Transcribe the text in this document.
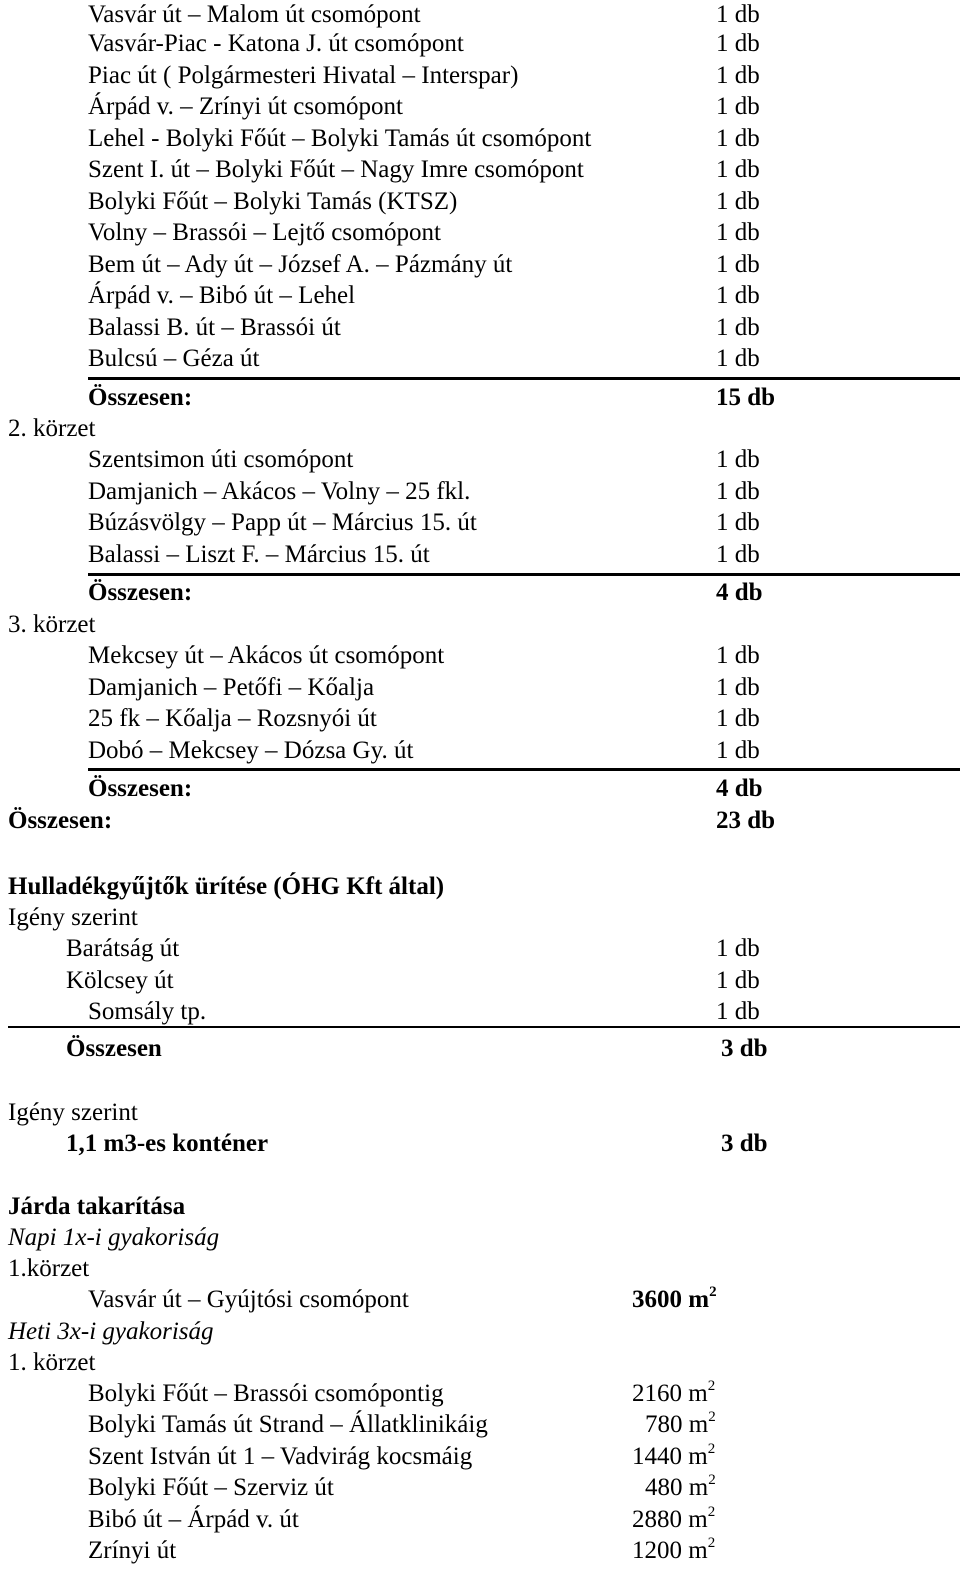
Vasvár út – Malom út csomópont	1 db
Vasvár-Piac - Katona J. út csomópont	1 db
Piac út ( Polgármesteri Hivatal – Interspar)	1 db
Árpád v. – Zrínyi út csomópont	1 db
Lehel - Bolyki Főút – Bolyki Tamás út csomópont	1 db
Szent I. út – Bolyki Főút – Nagy Imre csomópont	1 db
Bolyki Főút – Bolyki Tamás (KTSZ)	1 db
Volny – Brassói – Lejtő csomópont	1 db
Bem út – Ady út – József A. – Pázmány út	1 db
Árpád v. – Bibó út – Lehel	1 db
Balassi B. út – Brassói út	1 db
Bulcsú – Géza út	1 db
Összesen:	15 db
2. körzet
Szentsimon úti csomópont	1 db
Damjanich – Akácos – Volny – 25 fkl.	1 db
Búzásvölgy – Papp út – Március 15. út	1 db
Balassi – Liszt F. – Március 15. út	1 db
Összesen:	4 db
3. körzet
Mekcsey út – Akácos út csomópont	1 db
Damjanich – Petőfi – Kőalja	1 db
25 fk – Kőalja – Rozsnyói út	1 db
Dobó – Mekcsey – Dózsa Gy. út	1 db
Összesen:	4 db
Összesen:	23 db
Hulladékgyűjtők ürítése (ÓHG Kft által)
Igény szerint
Barátság út	1 db
Kölcsey út	1 db
Somsály tp.	1 db
Összesen	3 db
Igény szerint
1,1 m3-es konténer	3 db
Járda takarítása
Napi 1x-i gyakoriság
1.körzet
Vasvár út – Gyújtósi csomópont	3600 $m^2$
Heti 3x-i gyakoriság
1. körzet
Bolyki Főút – Brassói csomópontig	2160 $m^2$
Bolyki Tamás út Strand – Állatklinikáig	780 $m^2$
Szent István út 1 – Vadvirág kocsmáig	1440 $m^2$
Bolyki Főút – Szerviz út	480 $m^2$
Bibó út – Árpád v. út	2880 $m^2$
Zrínyi út	1200 $m^2$
